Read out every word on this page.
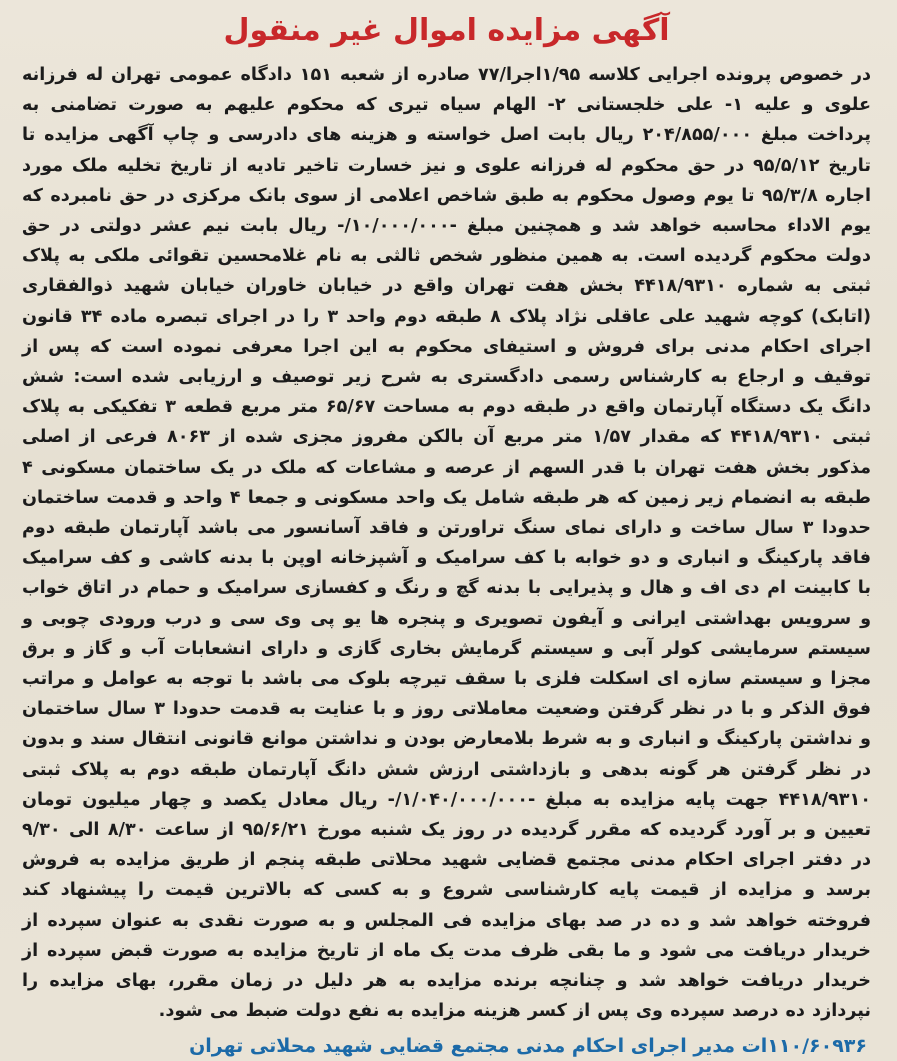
آگهی مزایده اموال غیر منقول

در خصوص پرونده اجرایی کلاسه ۱/۹۵اجرا/۷۷ صادره از شعبه ۱۵۱ دادگاه عمومی تهران له فرزانه علوی و علیه ۱- علی خلجستانی ۲- الهام سیاه تیری که محکوم علیهم به صورت تضامنی به پرداخت مبلغ ۲۰۴/۸۵۵/۰۰۰ ریال بابت اصل خواسته و هزینه های دادرسی و چاپ آگهی مزایده تا تاریخ ۹۵/۵/۱۲ در حق محکوم له فرزانه علوی و نیز خسارت تاخیر تادیه از تاریخ تخلیه ملک مورد اجاره ۹۵/۳/۸ تا یوم وصول محکوم به طبق شاخص اعلامی از سوی بانک مرکزی در حق نامبرده که یوم الاداء محاسبه خواهد شد و همچنین مبلغ -۱۰/۰۰۰/۰۰۰/- ریال بابت نیم عشر دولتی در حق دولت محکوم گردیده است. به همین منظور شخص ثالثی به نام غلامحسین تقوائی ملکی به پلاک ثبتی به شماره ۴۴۱۸/۹۳۱۰ بخش هفت تهران واقع در خیابان خاوران خیابان شهید ذوالفقاری (اتابک) کوچه شهید علی عاقلی نژاد پلاک ۸ طبقه دوم واحد ۳ را در اجرای تبصره ماده ۳۴ قانون اجرای احکام مدنی برای فروش و استیفای محکوم به این اجرا معرفی نموده است که پس از توقیف و ارجاع به کارشناس رسمی دادگستری به شرح زیر توصیف و ارزیابی شده است: شش دانگ یک دستگاه آپارتمان واقع در طبقه دوم به مساحت ۶۵/۶۷ متر مربع قطعه ۳ تفکیکی به پلاک ثبتی ۴۴۱۸/۹۳۱۰ که مقدار ۱/۵۷ متر مربع آن بالکن مفروز مجزی شده از ۸۰۶۳ فرعی از اصلی مذکور بخش هفت تهران با قدر السهم از عرصه و مشاعات که ملک در یک ساختمان مسکونی ۴ طبقه به انضمام زیر زمین که هر طبقه شامل یک واحد مسکونی و جمعا ۴ واحد و قدمت ساختمان حدودا ۳ سال ساخت و دارای نمای سنگ تراورتن و فاقد آسانسور می باشد آپارتمان طبقه دوم فاقد پارکینگ و انباری و دو خوابه با کف سرامیک و آشپزخانه اوپن با بدنه کاشی و کف سرامیک با کابینت ام دی اف و هال و پذیرایی با بدنه گچ و رنگ و کفسازی سرامیک و حمام در اتاق خواب و سرویس بهداشتی ایرانی و آیفون تصویری و پنجره ها یو پی وی سی و درب ورودی چوبی و سیستم سرمایشی کولر آبی و سیستم گرمایش بخاری گازی و دارای انشعابات آب و گاز و برق مجزا و سیستم سازه ای اسکلت فلزی با سقف تیرچه بلوک می باشد با توجه به عوامل و مراتب فوق الذکر و با در نظر گرفتن وضعیت معاملاتی روز و با عنایت به قدمت حدودا ۳ سال ساختمان و نداشتن پارکینگ و انباری و به شرط بلامعارض بودن و نداشتن موانع قانونی انتقال سند و بدون در نظر گرفتن هر گونه بدهی و بازداشتی ارزش شش دانگ آپارتمان طبقه دوم به پلاک ثبتی ۴۴۱۸/۹۳۱۰ جهت پایه مزایده به مبلغ -۱/۰۴۰/۰۰۰/۰۰۰/- ریال معادل یکصد و چهار میلیون تومان تعیین و بر آورد گردیده که مقرر گردیده در روز یک شنبه مورخ ۹۵/۶/۲۱ از ساعت ۸/۳۰ الی ۹/۳۰ در دفتر اجرای احکام مدنی مجتمع قضایی شهید محلاتی طبقه پنجم از طریق مزایده به فروش برسد و مزایده از قیمت پایه کارشناسی شروع و به کسی که بالاترین قیمت را پیشنهاد کند فروخته خواهد شد و ده در صد بهای مزایده فی المجلس و به صورت نقدی به عنوان سپرده از خریدار دریافت می شود و ما بقی ظرف مدت یک ماه از تاریخ مزایده به صورت قبض سپرده از خریدار دریافت خواهد شد و چنانچه برنده مزایده به هر دلیل در زمان مقرر، بهای مزایده را نپردازد ده درصد سپرده وی پس از کسر هزینه مزایده به نفع دولت ضبط می شود.

۱۱۰/۶۰۹۳۶ات مدیر اجرای احکام مدنی مجتمع قضایی شهید محلاتی تهران
